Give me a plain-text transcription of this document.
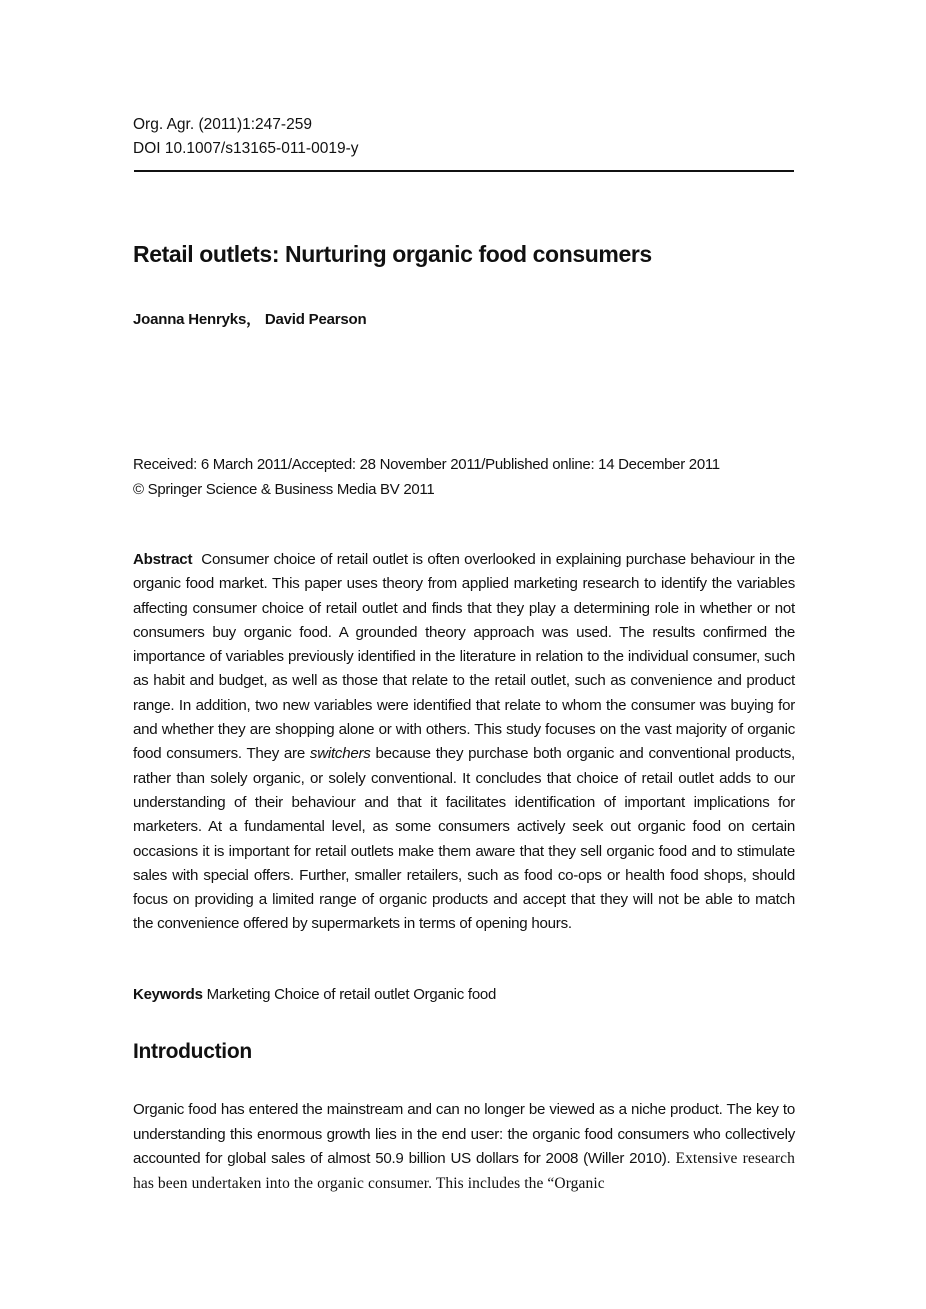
Org. Agr. (2011)1:247-259
DOI 10.1007/s13165-011-0019-y
Retail outlets: Nurturing organic food consumers
Joanna Henryks， David Pearson
Received: 6 March 2011/Accepted: 28 November 2011/Published online: 14 December 2011
© Springer Science & Business Media BV 2011

Abstract Consumer choice of retail outlet is often overlooked in explaining purchase behaviour in the organic food market. This paper uses theory from applied marketing research to identify the variables affecting consumer choice of retail outlet and finds that they play a determining role in whether or not consumers buy organic food. A grounded theory approach was used. The results confirmed the importance of variables previously identified in the literature in relation to the individual consumer, such as habit and budget, as well as those that relate to the retail outlet, such as convenience and product range. In addition, two new variables were identified that relate to whom the consumer was buying for and whether they are shopping alone or with others. This study focuses on the vast majority of organic food consumers. They are switchers because they purchase both organic and conventional products, rather than solely organic, or solely conventional. It concludes that choice of retail outlet adds to our understanding of their behaviour and that it facilitates identification of important implications for marketers. At a fundamental level, as some consumers actively seek out organic food on certain occasions it is important for retail outlets make them aware that they sell organic food and to stimulate sales with special offers. Further, smaller retailers, such as food co-ops or health food shops, should focus on providing a limited range of organic products and accept that they will not be able to match the convenience offered by supermarkets in terms of opening hours.

Keywords Marketing Choice of retail outlet Organic food
Introduction

Organic food has entered the mainstream and can no longer be viewed as a niche product. The key to understanding this enormous growth lies in the end user: the organic food consumers who collectively accounted for global sales of almost 50.9 billion US dollars for 2008 (Willer 2010). Extensive research has been undertaken into the organic consumer. This includes the “Organic
